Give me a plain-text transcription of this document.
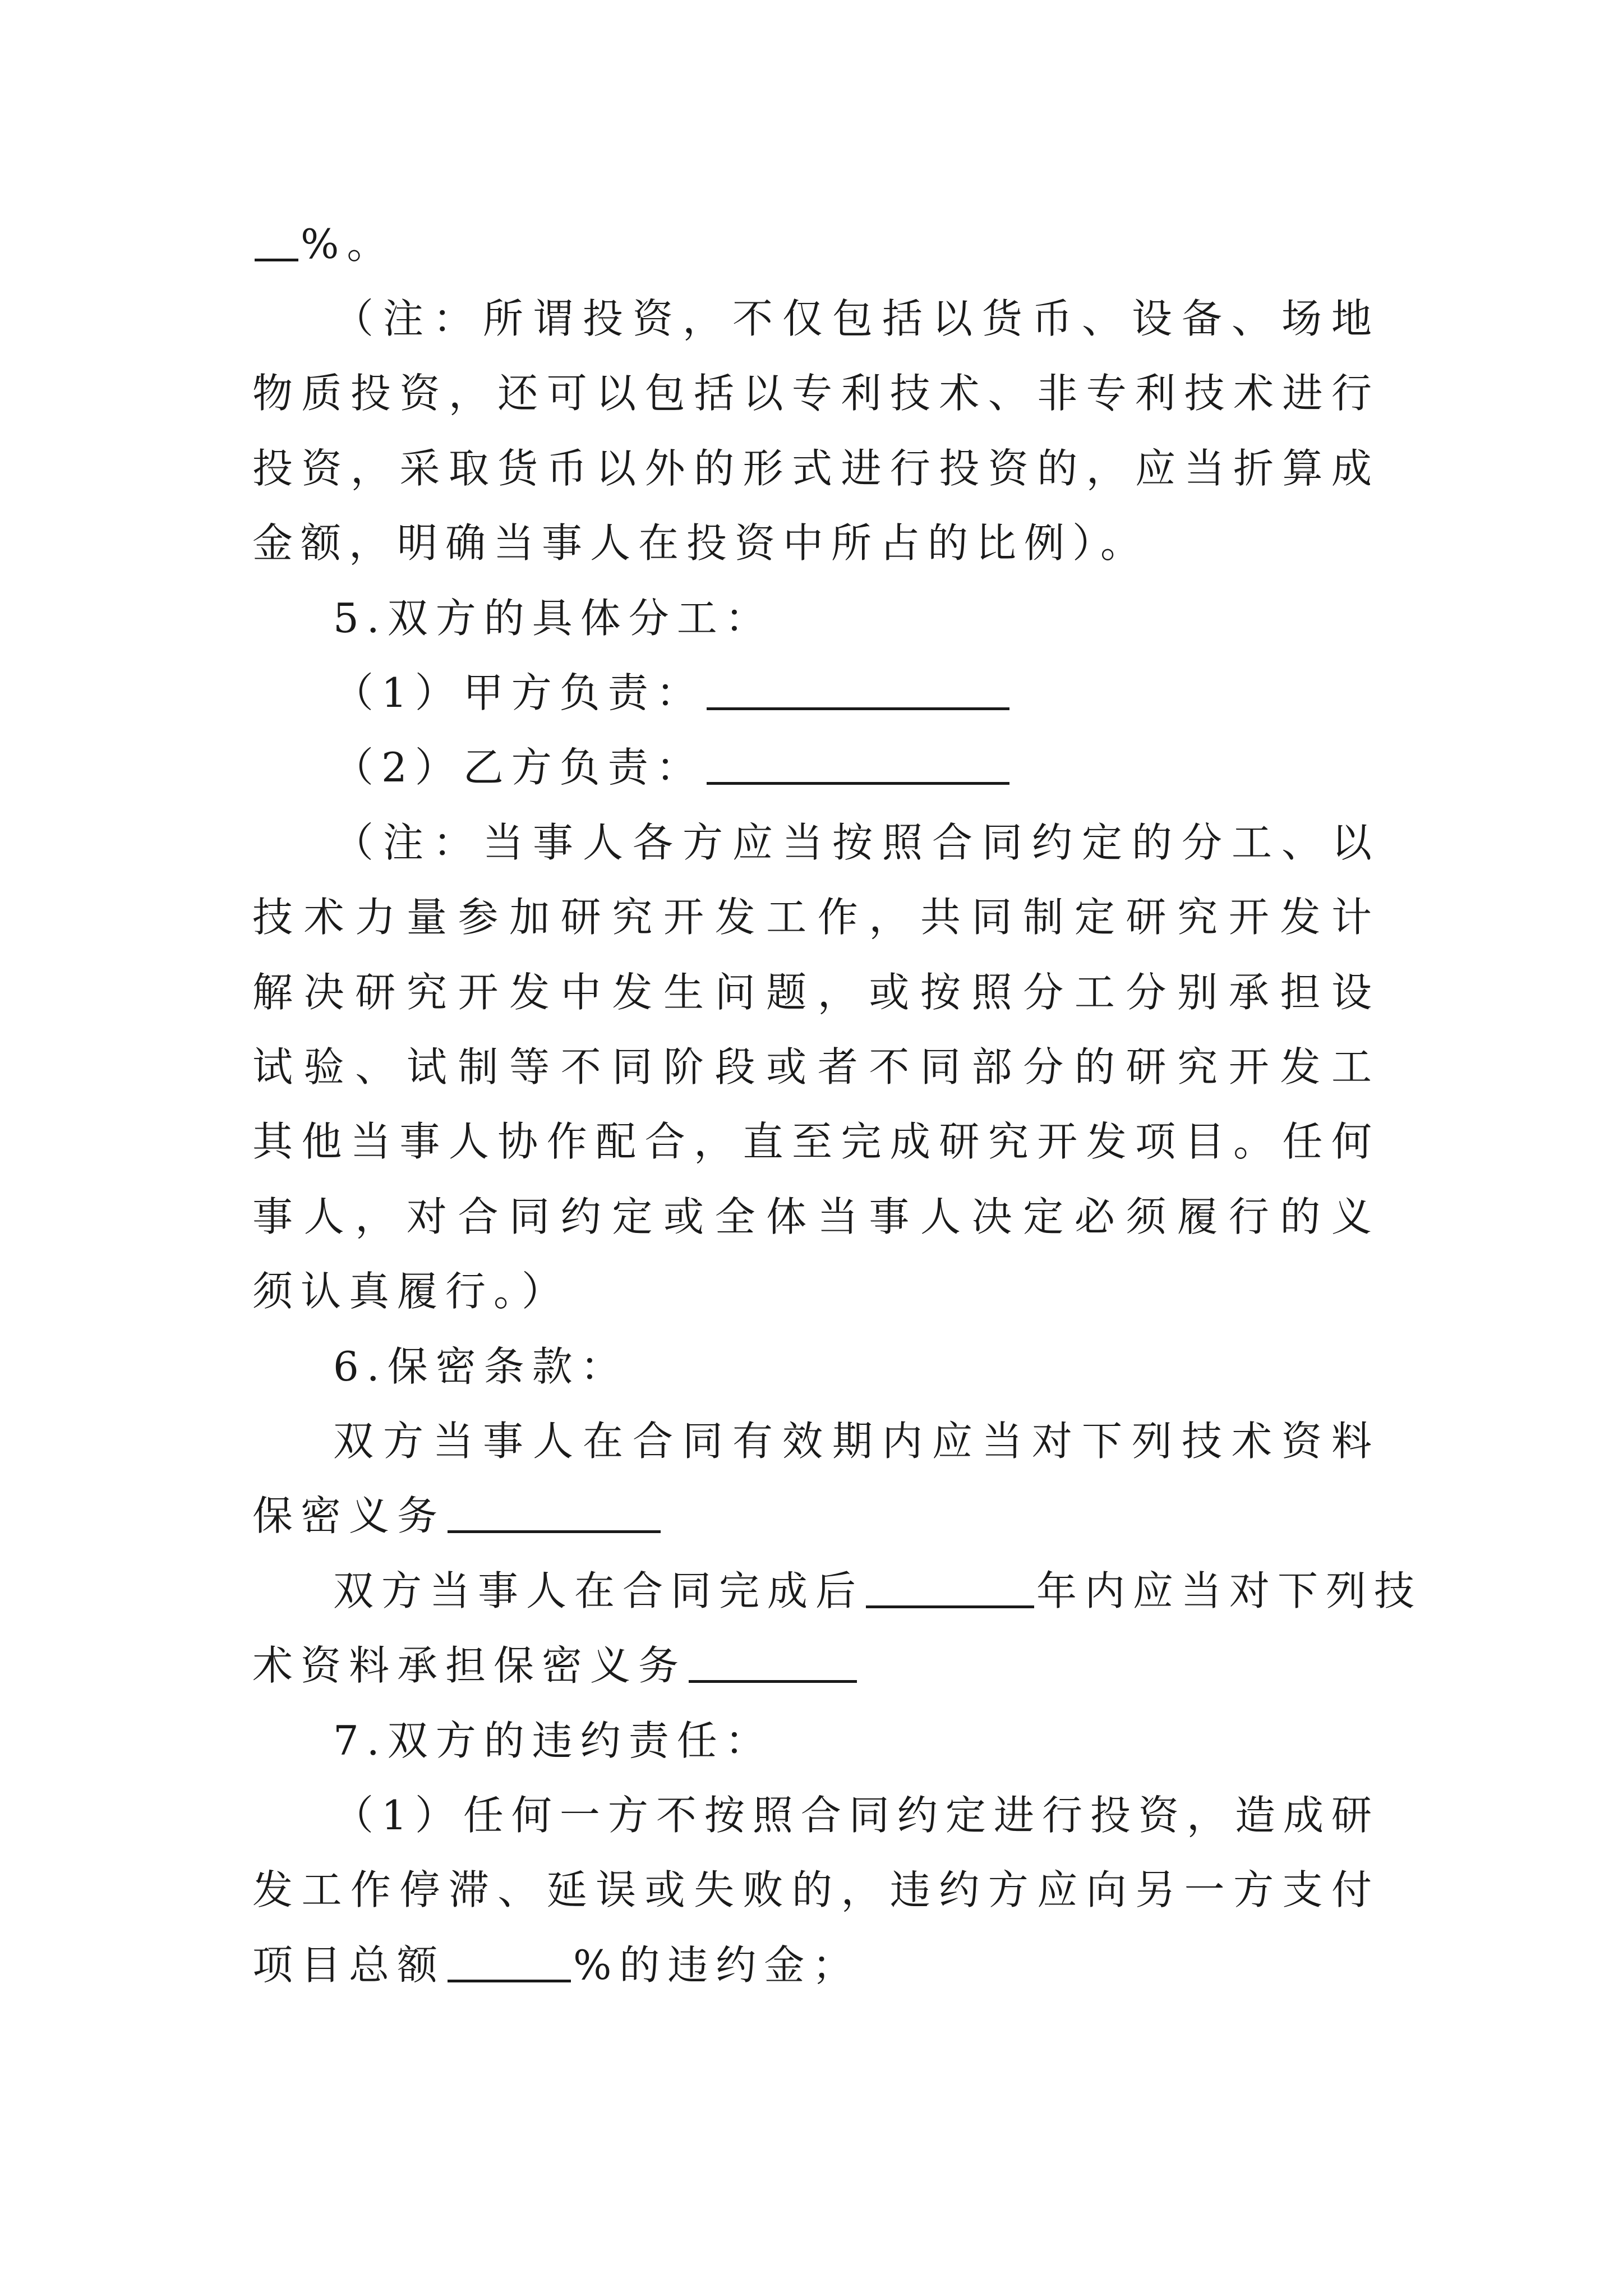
%。
（注：所谓投资，不仅包括以货币、设备、场地
物质投资，还可以包括以专利技术、非专利技术进行
投资，采取货币以外的形式进行投资的，应当折算成
金额，明确当事人在投资中所占的比例）。
5.双方的具体分工：
（1）甲方负责：
（2）乙方负责：
（注：当事人各方应当按照合同约定的分工、以
技术力量参加研究开发工作，共同制定研究开发计
解决研究开发中发生问题，或按照分工分别承担设
试验、试制等不同阶段或者不同部分的研究开发工
其他当事人协作配合，直至完成研究开发项目。任何
事人，对合同约定或全体当事人决定必须履行的义
须认真履行。）
6.保密条款：
双方当事人在合同有效期内应当对下列技术资料
保密义务
双方当事人在合同完成后	年内应当对下列技
术资料承担保密义务
7.双方的违约责任：
（1）任何一方不按照合同约定进行投资，造成研
发工作停滞、延误或失败的，违约方应向另一方支付
项目总额	%的违约金；
